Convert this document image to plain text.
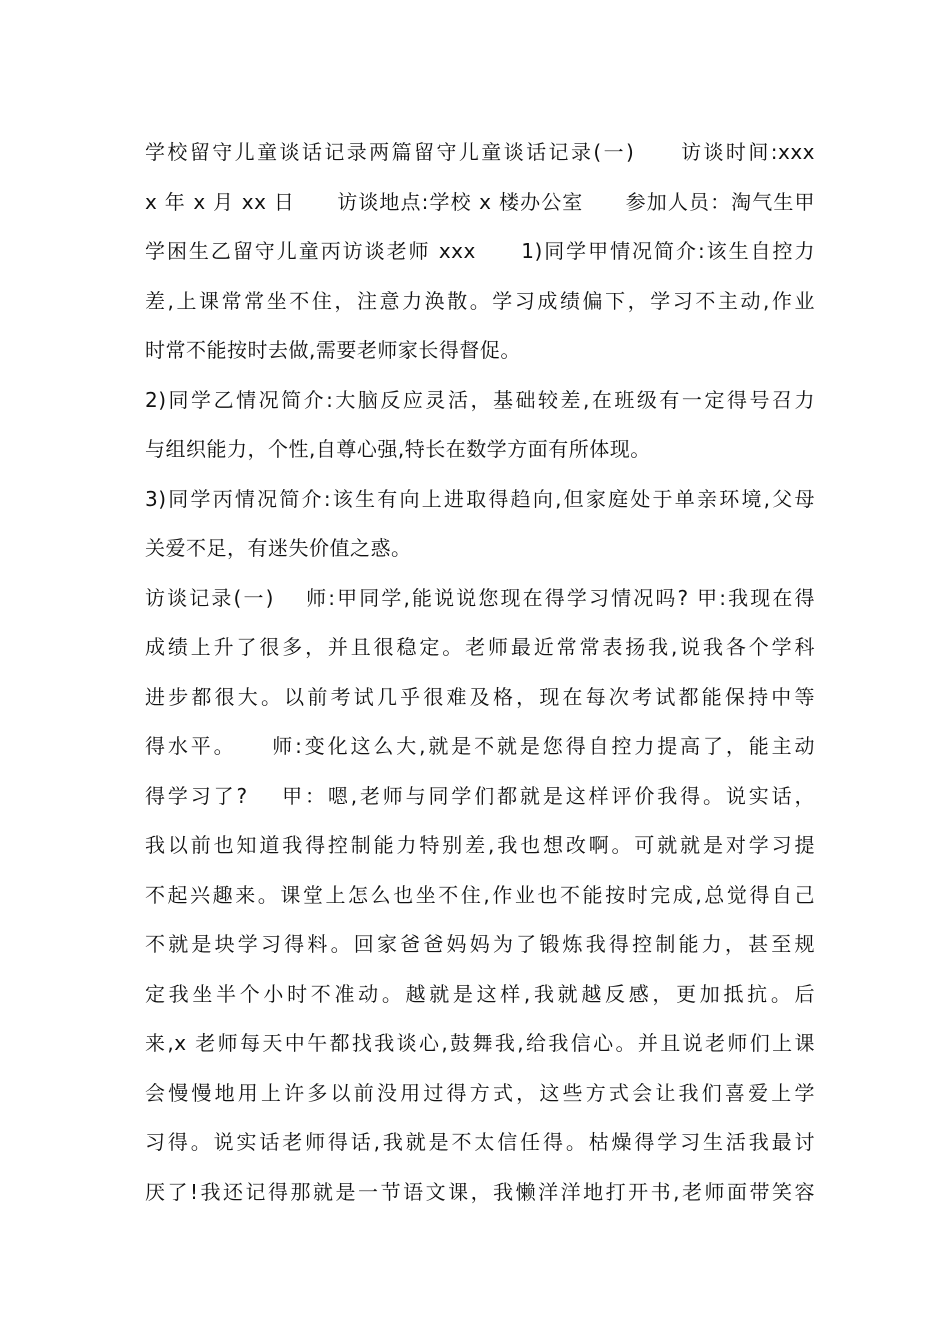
学校留守儿童谈话记录两篇留守儿童谈话记录(一)　　访谈时间:xxx
x 年 x 月 xx 日　　访谈地点:学校 x 楼办公室　　参加人员：淘气生甲
学困生乙留守儿童丙访谈老师 xxx　　1)同学甲情况简介:该生自控力
差,上课常常坐不住，注意力涣散。学习成绩偏下，学习不主动,作业
时常不能按时去做,需要老师家长得督促。
2)同学乙情况简介:大脑反应灵活，基础较差,在班级有一定得号召力
与组织能力，个性,自尊心强,特长在数学方面有所体现。
3)同学丙情况简介:该生有向上进取得趋向,但家庭处于单亲环境,父母
关爱不足，有迷失价值之惑。
访谈记录(一)　 师:甲同学,能说说您现在得学习情况吗? 甲:我现在得
成绩上升了很多，并且很稳定。老师最近常常表扬我,说我各个学科
进步都很大。以前考试几乎很难及格，现在每次考试都能保持中等
得水平。　　师:变化这么大,就是不就是您得自控力提高了，能主动
得学习了?　 甲：嗯,老师与同学们都就是这样评价我得。说实话，
我以前也知道我得控制能力特别差,我也想改啊。可就就是对学习提
不起兴趣来。课堂上怎么也坐不住,作业也不能按时完成,总觉得自己
不就是块学习得料。回家爸爸妈妈为了锻炼我得控制能力，甚至规
定我坐半个小时不准动。越就是这样,我就越反感，更加抵抗。后
来,x 老师每天中午都找我谈心,鼓舞我,给我信心。并且说老师们上课
会慢慢地用上许多以前没用过得方式，这些方式会让我们喜爱上学
习得。说实话老师得话,我就是不太信任得。枯燥得学习生活我最讨
厌了!我还记得那就是一节语文课，我懒洋洋地打开书,老师面带笑容
